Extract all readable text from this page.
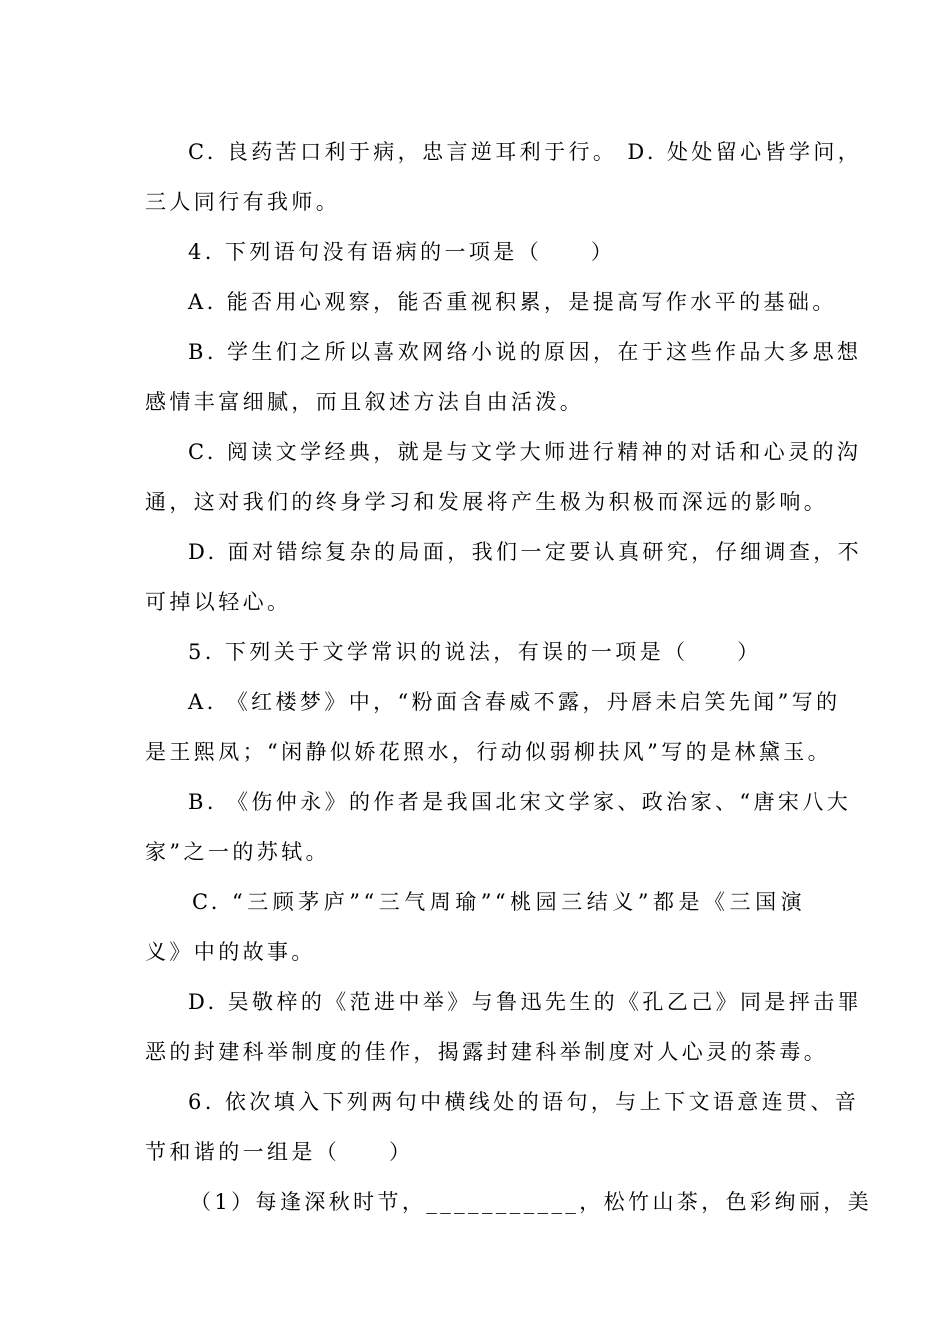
C. 良药苦口利于病，忠言逆耳利于行。 D. 处处留心皆学问，
三人同行有我师。
4. 下列语句没有语病的一项是（　　）
A. 能否用心观察，能否重视积累，是提高写作水平的基础。
B. 学生们之所以喜欢网络小说的原因，在于这些作品大多思想
感情丰富细腻，而且叙述方法自由活泼。
C. 阅读文学经典，就是与文学大师进行精神的对话和心灵的沟
通，这对我们的终身学习和发展将产生极为积极而深远的影响。
D. 面对错综复杂的局面，我们一定要认真研究，仔细调查，不
可掉以轻心。
5. 下列关于文学常识的说法，有误的一项是（　　）
A. 《红楼梦》中，“粉面含春威不露，丹唇未启笑先闻”写的
是王熙凤；“闲静似娇花照水，行动似弱柳扶风”写的是林黛玉。
B. 《伤仲永》的作者是我国北宋文学家、政治家、“唐宋八大
家”之一的苏轼。
C. “三顾茅庐”“三气周瑜”“桃园三结义”都是《三国演
义》中的故事。
D. 吴敬梓的《范进中举》与鲁迅先生的《孔乙己》同是抨击罪
恶的封建科举制度的佳作，揭露封建科举制度对人心灵的荼毒。
6. 依次填入下列两句中横线处的语句，与上下文语意连贯、音
节和谐的一组是（　　）
（1）每逢深秋时节，___________，松竹山茶，色彩绚丽，美
